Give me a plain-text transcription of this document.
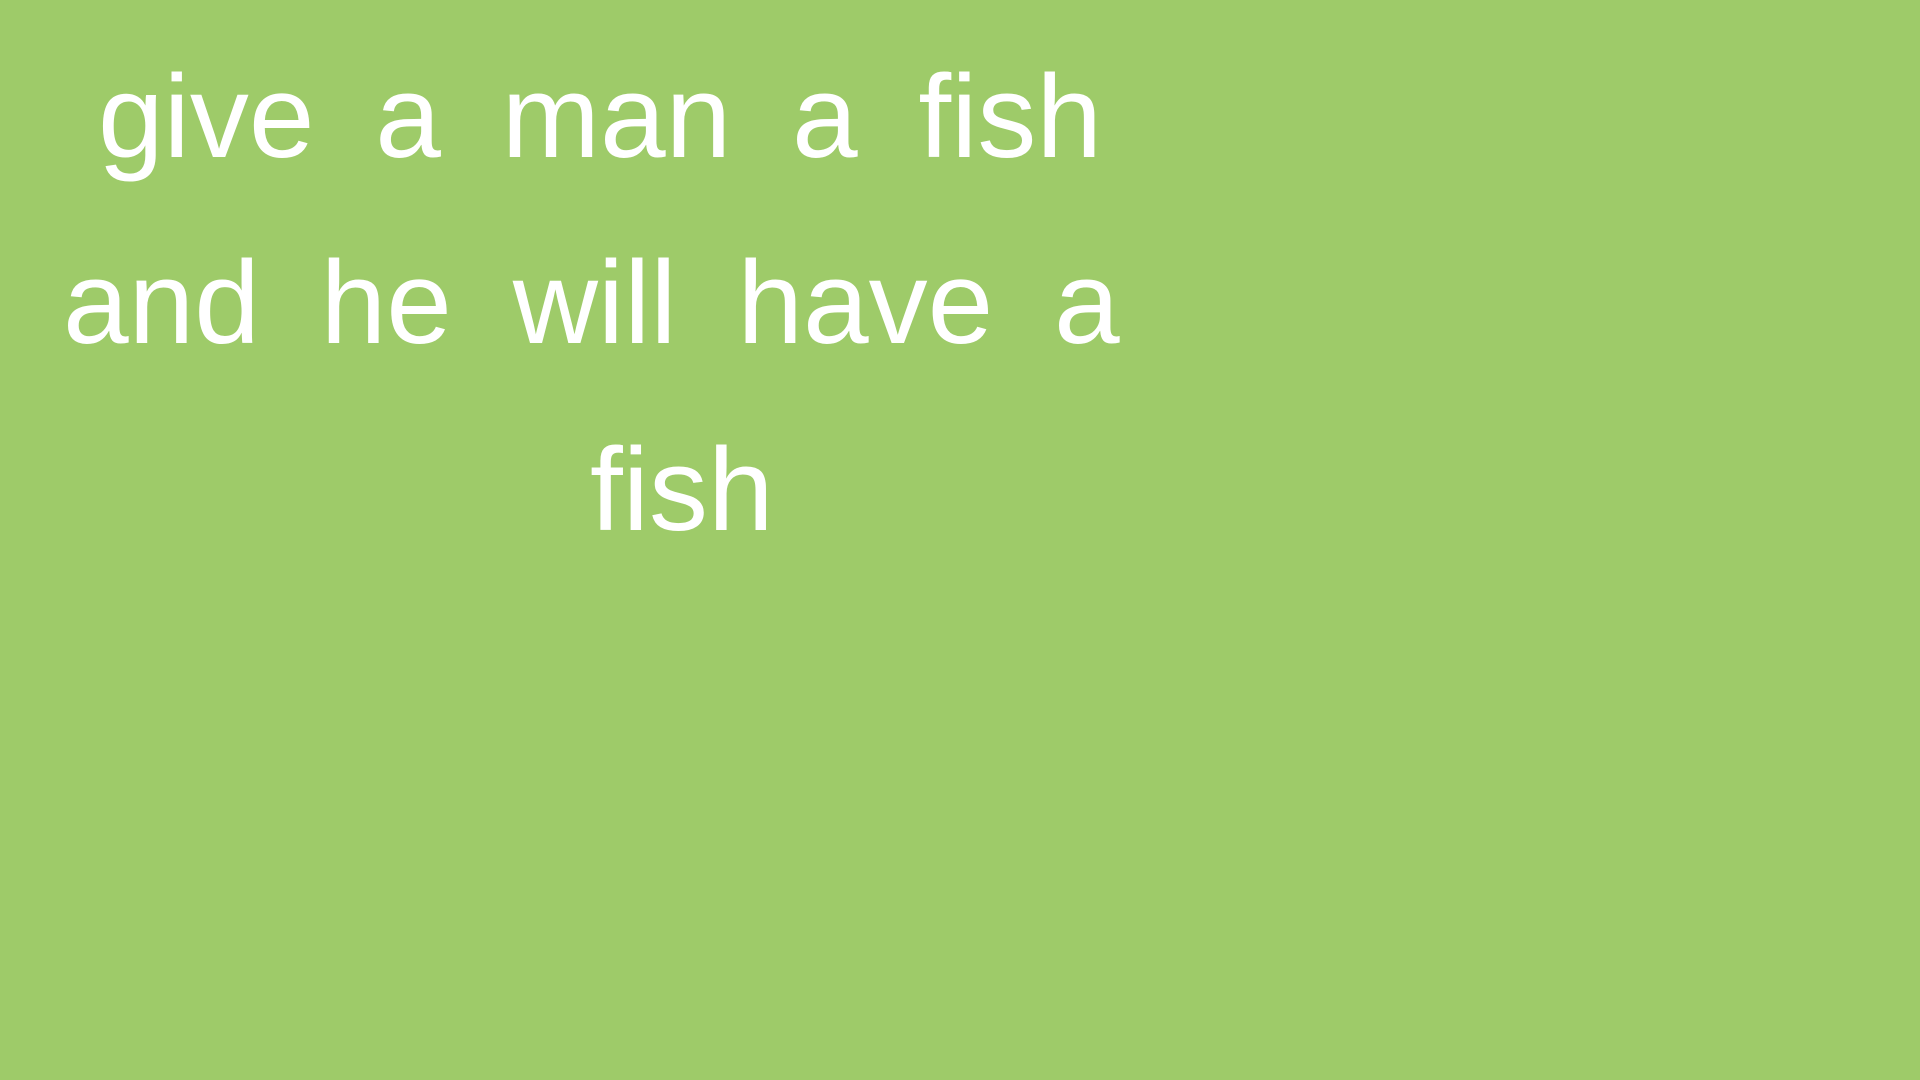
give a man a fish
and he will have a
fish
